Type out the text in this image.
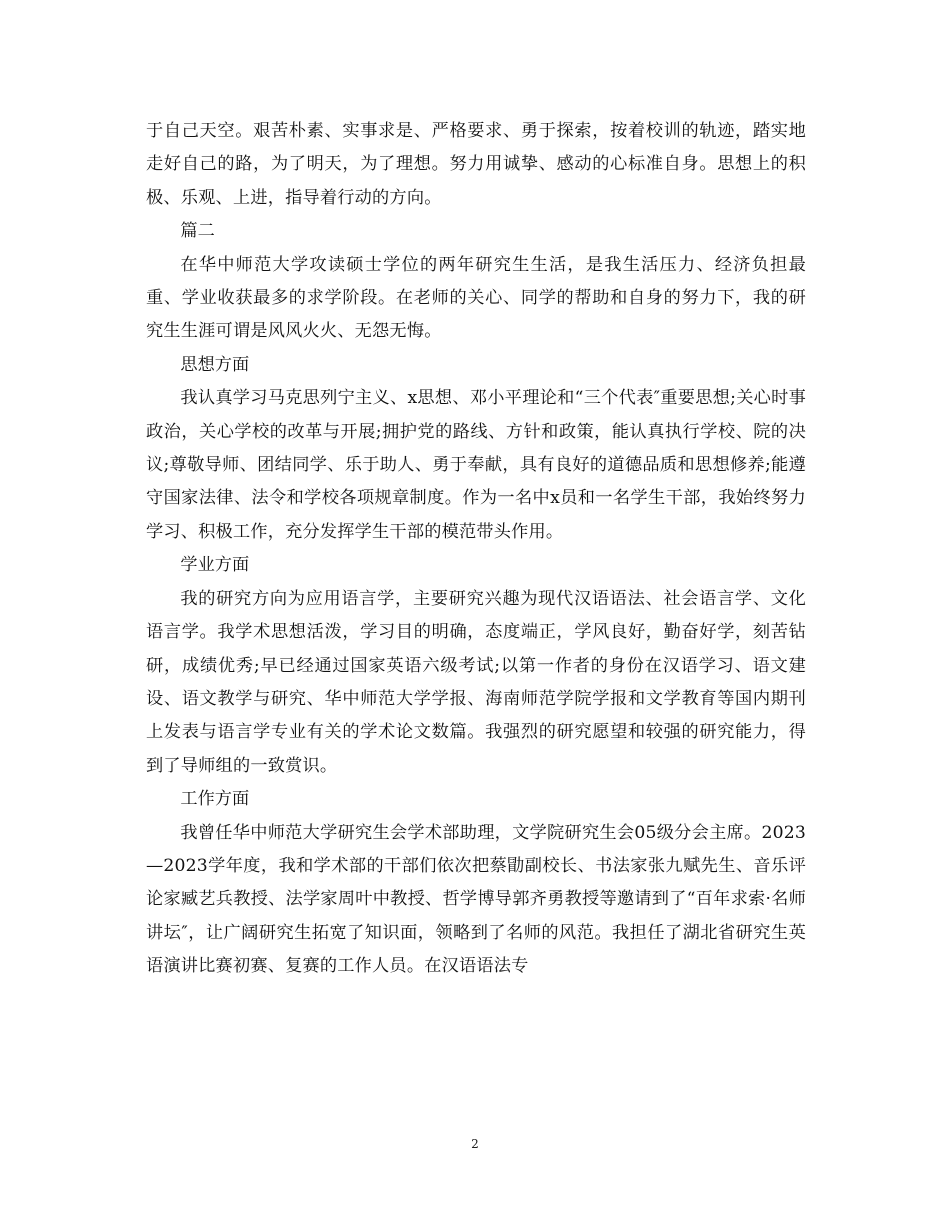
于自己天空。艰苦朴素、实事求是、严格要求、勇于探索，按着校训的轨迹，踏实地走好自己的路，为了明天，为了理想。努力用诚挚、感动的心标准自身。思想上的积极、乐观、上进，指导着行动的方向。

篇二

在华中师范大学攻读硕士学位的两年研究生生活，是我生活压力、经济负担最重、学业收获最多的求学阶段。在老师的关心、同学的帮助和自身的努力下，我的研究生生涯可谓是风风火火、无怨无悔。

思想方面

我认真学习马克思列宁主义、x思想、邓小平理论和“三个代表″重要思想;关心时事政治，关心学校的改革与开展;拥护党的路线、方针和政策，能认真执行学校、院的决议;尊敬导师、团结同学、乐于助人、勇于奉献，具有良好的道德品质和思想修养;能遵守国家法律、法令和学校各项规章制度。作为一名中x员和一名学生干部，我始终努力学习、积极工作，充分发挥学生干部的模范带头作用。

学业方面

我的研究方向为应用语言学，主要研究兴趣为现代汉语语法、社会语言学、文化语言学。我学术思想活泼，学习目的明确，态度端正，学风良好，勤奋好学，刻苦钻研，成绩优秀;早已经通过国家英语六级考试;以第一作者的身份在汉语学习、语文建设、语文教学与研究、华中师范大学学报、海南师范学院学报和文学教育等国内期刊上发表与语言学专业有关的学术论文数篇。我强烈的研究愿望和较强的研究能力，得到了导师组的一致赏识。

工作方面

我曾任华中师范大学研究生会学术部助理，文学院研究生会05级分会主席。2023—2023学年度，我和学术部的干部们依次把蔡勖副校长、书法家张九赋先生、音乐评论家臧艺兵教授、法学家周叶中教授、哲学博导郭齐勇教授等邀请到了“百年求索·名师讲坛″，让广阔研究生拓宽了知识面，领略到了名师的风范。我担任了湖北省研究生英语演讲比赛初赛、复赛的工作人员。在汉语语法专

2
